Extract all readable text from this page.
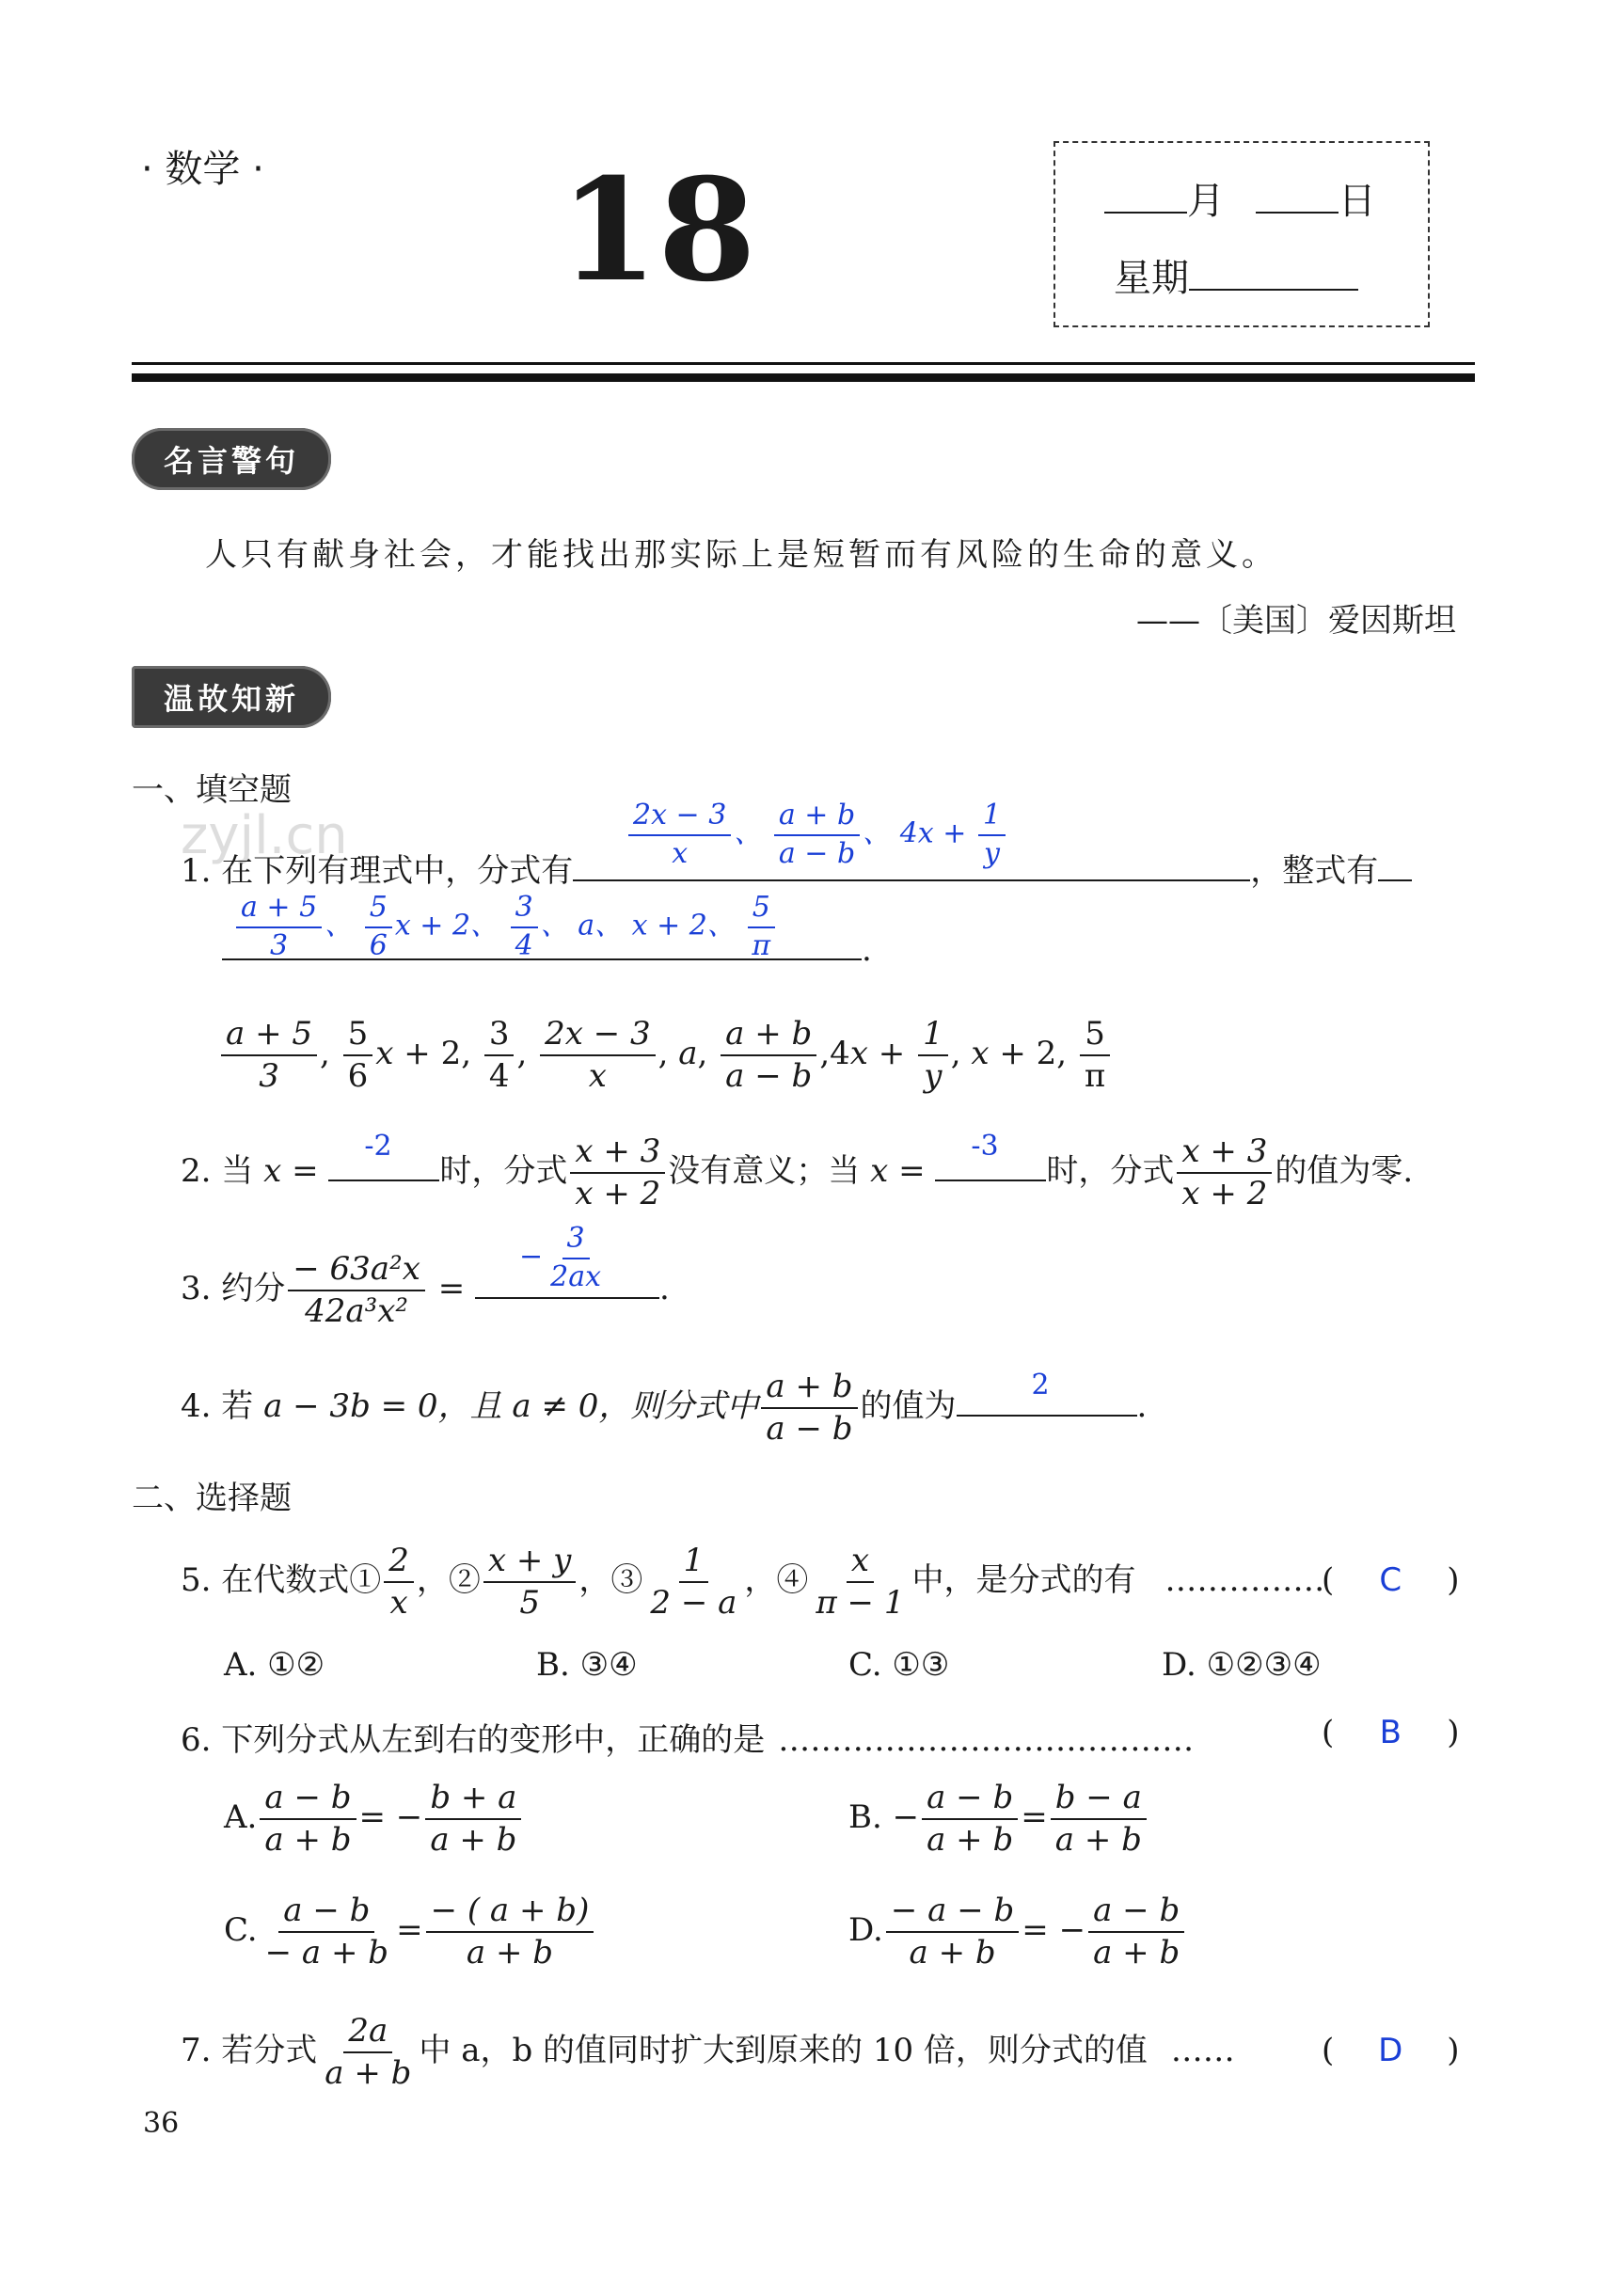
· 数学 · 18	月	日
星期
名言警句
人只有献身社会，才能找出那实际上是短暂而有风险的生命的意义。
——〔美国〕爱因斯坦
温故知新
一、填空题
zyjl.cn
1. 在下列有理式中，分式有	，整式有
$\frac{2x - 3}{x}$ 、 $\frac{a + b}{a - b}$ 、 $4x + \frac{1}{y}$
$\frac{a + 5}{3}$ 、 $\frac{5}{6}$ x + 2、 $\frac{3}{4}$ 、 a、 x + 2、 $\frac{5}{\pi}$	.
$\frac{a + 5}{3}$ , $\frac{5}{6}$ x + 2, $\frac{3}{4}$ , $\frac{2x - 3}{x}$ , a, $\frac{a + b}{a - b} ,4x + \frac{1}{y}$ , x + 2, $\frac{5}{\pi}$
2. 当 x =
-2
时，分式 $\frac{x + 3}{x + 2}$ 没有意义；当 x =
-3
时，分式 $\frac{x + 3}{x + 2}$ 的值为零.
3. 约分 $\frac{\text{− 63a²x}}{\text{42a³x²}}$ =	.
− $\frac{3}{2ax}$
4. 若 a − 3b = 0，且 a ≠ 0，则分式中 $\frac{a + b}{a - b}$ 的值为
2
.
二、选择题
5. 在代数式① $\frac{2}{x}$ ，② $\frac{x + y}{5}$ ，③ $\frac{1}{2 - a}$ ，④ $\frac{x}{\pi - 1}$ 中，是分式的有 ……………
( C )
A. ①②	B. ③④	C. ①③	D. ①②③④
6. 下列分式从左到右的变形中，正确的是 …………………………………	( B )
A. $\frac{a - b}{a + b}$ = − $\frac{b + a}{a + b}$	B. − $\frac{a - b}{a + b} = \frac{b - a}{a + b}$
C. $\frac{a - b}{- a + b} = \frac{- ( a + b)}{a + b}$	D. $\frac{- a - b}{a + b}$ = − $\frac{a - b}{a + b}$
7. 若分式 $\frac{2a}{a + b}$ 中 a，b 的值同时扩大到原来的 10 倍，则分式的值 ……	( D )
36
